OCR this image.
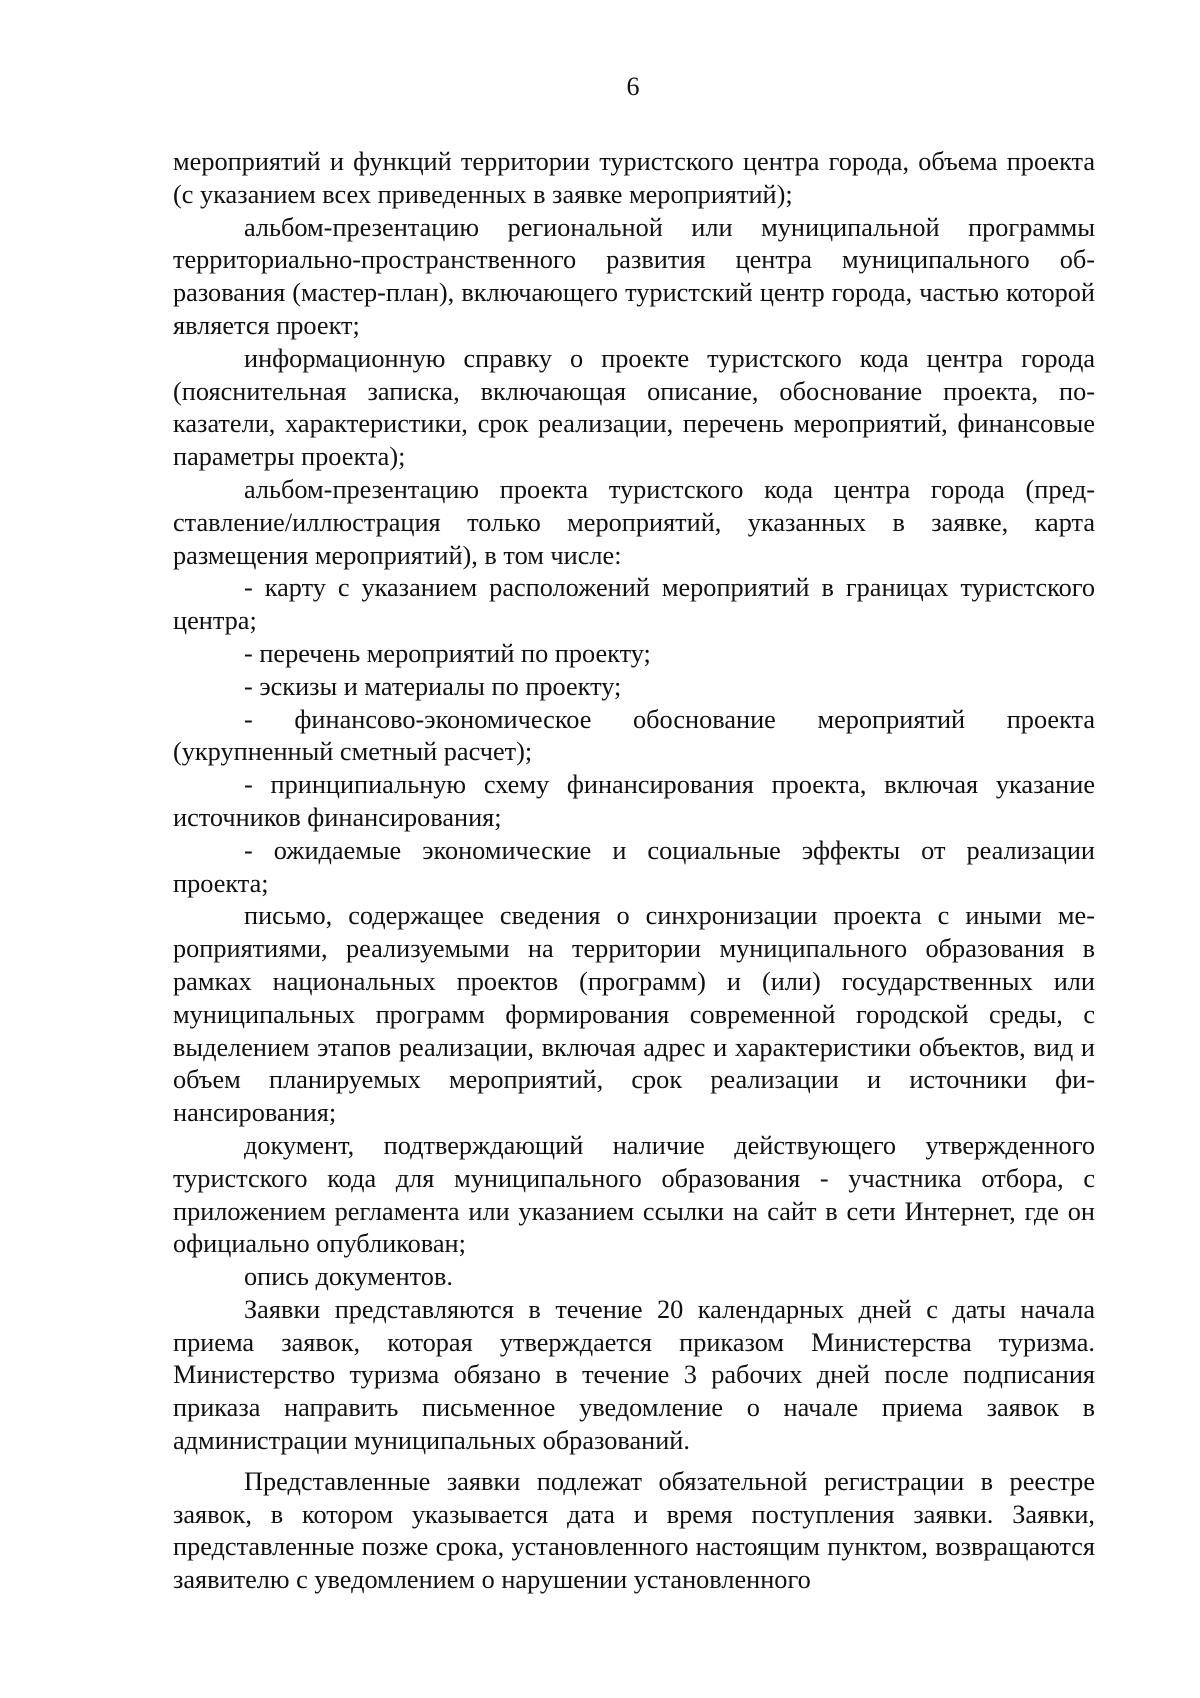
6

мероприятий и функций территории туристского центра города, объема проекта (с указанием всех приведенных в заявке мероприятий);

альбом-презентацию региональной или муниципальной программы территориально-пространственного развития центра муниципального образования (мастер-план), включающего туристский центр города, частью которой является проект;

информационную справку о проекте туристского кода центра города (пояснительная записка, включающая описание, обоснование проекта, показатели, характеристики, срок реализации, перечень мероприятий, финансовые параметры проекта);

альбом-презентацию проекта туристского кода центра города (представление/иллюстрация только мероприятий, указанных в заявке, карта размещения мероприятий), в том числе:

- карту с указанием расположений мероприятий в границах туристского центра;

- перечень мероприятий по проекту;

- эскизы и материалы по проекту;

- финансово-экономическое обоснование мероприятий проекта (укрупненный сметный расчет);

- принципиальную схему финансирования проекта, включая указание источников финансирования;

- ожидаемые экономические и социальные эффекты от реализации проекта;

письмо, содержащее сведения о синхронизации проекта с иными мероприятиями, реализуемыми на территории муниципального образования в рамках национальных проектов (программ) и (или) государственных или муниципальных программ формирования современной городской среды, с выделением этапов реализации, включая адрес и характеристики объектов, вид и объем планируемых мероприятий, срок реализации и источники финансирования;

документ, подтверждающий наличие действующего утвержденного туристского кода для муниципального образования - участника отбора, с приложением регламента или указанием ссылки на сайт в сети Интернет, где он официально опубликован;

опись документов.

Заявки представляются в течение 20 календарных дней с даты начала приема заявок, которая утверждается приказом Министерства туризма. Министерство туризма обязано в течение 3 рабочих дней после подписания приказа направить письменное уведомление о начале приема заявок в администрации муниципальных образований.

Представленные заявки подлежат обязательной регистрации в реестре заявок, в котором указывается дата и время поступления заявки. Заявки, представленные позже срока, установленного настоящим пунктом, возвращаются заявителю с уведомлением о нарушении установленного
